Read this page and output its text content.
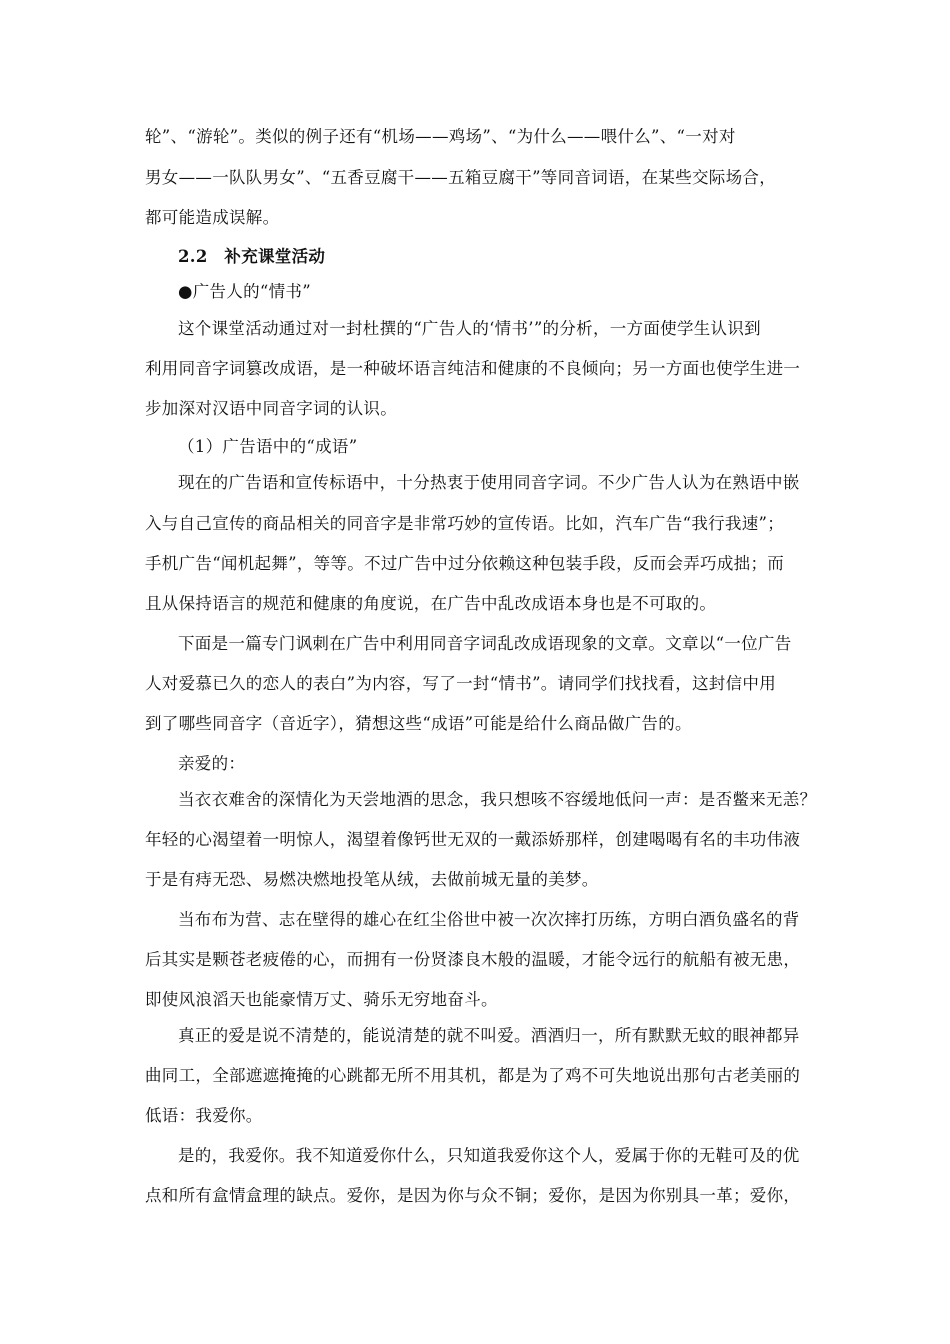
轮”、“游轮”。类似的例子还有“机场——鸡场”、“为什么——喂什么”、“一对对
男女——一队队男女”、“五香豆腐干——五箱豆腐干”等同音词语，在某些交际场合，
都可能造成误解。
2.2　补充课堂活动
●广告人的“情书”
这个课堂活动通过对一封杜撰的“广告人的‘情书’”的分析，一方面使学生认识到
利用同音字词篡改成语，是一种破坏语言纯洁和健康的不良倾向；另一方面也使学生进一
步加深对汉语中同音字词的认识。
（1）广告语中的“成语”
现在的广告语和宣传标语中，十分热衷于使用同音字词。不少广告人认为在熟语中嵌
入与自己宣传的商品相关的同音字是非常巧妙的宣传语。比如，汽车广告“我行我速”；
手机广告“闻机起舞”，等等。不过广告中过分依赖这种包装手段，反而会弄巧成拙；而
且从保持语言的规范和健康的角度说，在广告中乱改成语本身也是不可取的。
下面是一篇专门讽刺在广告中利用同音字词乱改成语现象的文章。文章以“一位广告
人对爱慕已久的恋人的表白”为内容，写了一封“情书”。请同学们找找看，这封信中用
到了哪些同音字（音近字），猜想这些“成语”可能是给什么商品做广告的。
亲爱的：
当衣衣难舍的深情化为天尝地酒的思念，我只想咳不容缓地低问一声：是否鳖来无恙？
年轻的心渴望着一明惊人，渴望着像钙世无双的一戴添娇那样，创建喝喝有名的丰功伟液
于是有痔无恐、易燃决燃地投笔从绒，去做前城无量的美梦。
当布布为营、志在壁得的雄心在红尘俗世中被一次次摔打历练，方明白酒负盛名的背
后其实是颗苍老疲倦的心，而拥有一份贤漆良木般的温暖，才能令远行的航船有被无患，
即使风浪滔天也能豪情万丈、骑乐无穷地奋斗。
真正的爱是说不清楚的，能说清楚的就不叫爱。酒酒归一，所有默默无蚊的眼神都异
曲同工，全部遮遮掩掩的心跳都无所不用其机，都是为了鸡不可失地说出那句古老美丽的
低语：我爱你。
是的，我爱你。我不知道爱你什么，只知道我爱你这个人，爱属于你的无鞋可及的优
点和所有盒情盒理的缺点。爱你，是因为你与众不铜；爱你，是因为你别具一革；爱你，
